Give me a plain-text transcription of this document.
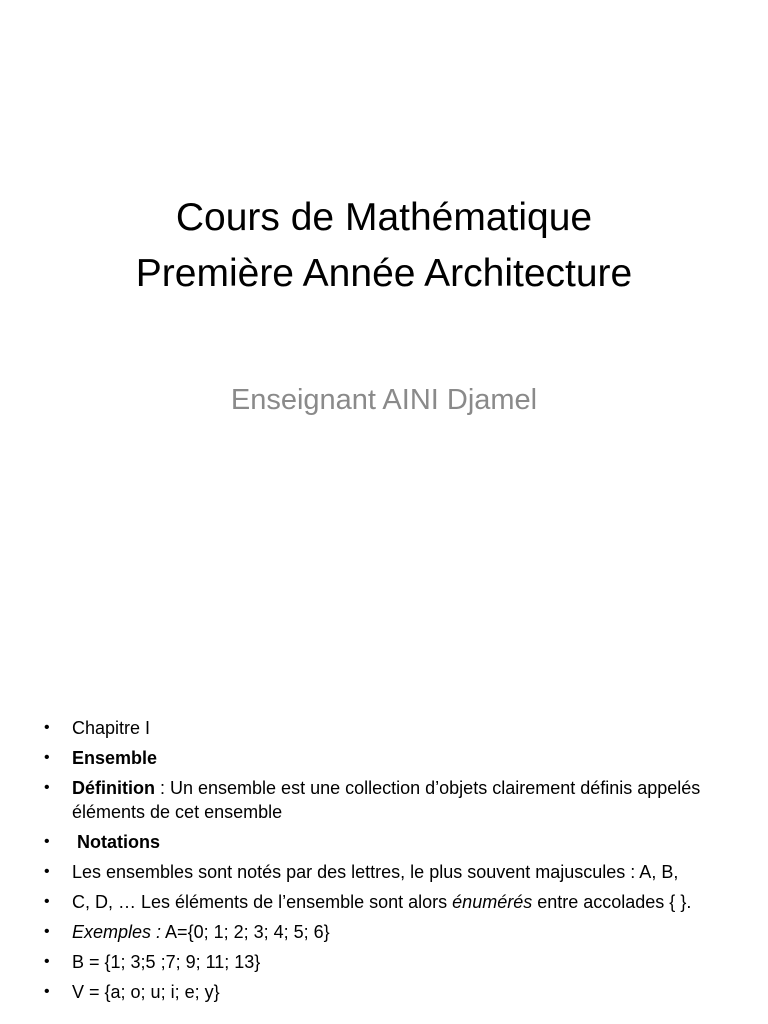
Cours de Mathématique
Première Année Architecture
Enseignant AINI Djamel
•	Chapitre I
•	Ensemble
•	Définition : Un ensemble est une collection d’objets clairement définis appelés éléments de cet ensemble
•	Notations
•	Les ensembles sont notés par des lettres, le plus souvent majuscules : A, B,
•	C, D, … Les éléments de l’ensemble sont alors énumérés entre accolades { }.
•	Exemples : A={0; 1; 2; 3; 4; 5; 6}
•	B = {1; 3;5 ;7; 9; 11; 13}
•	V = {a; o; u; i; e; y}
